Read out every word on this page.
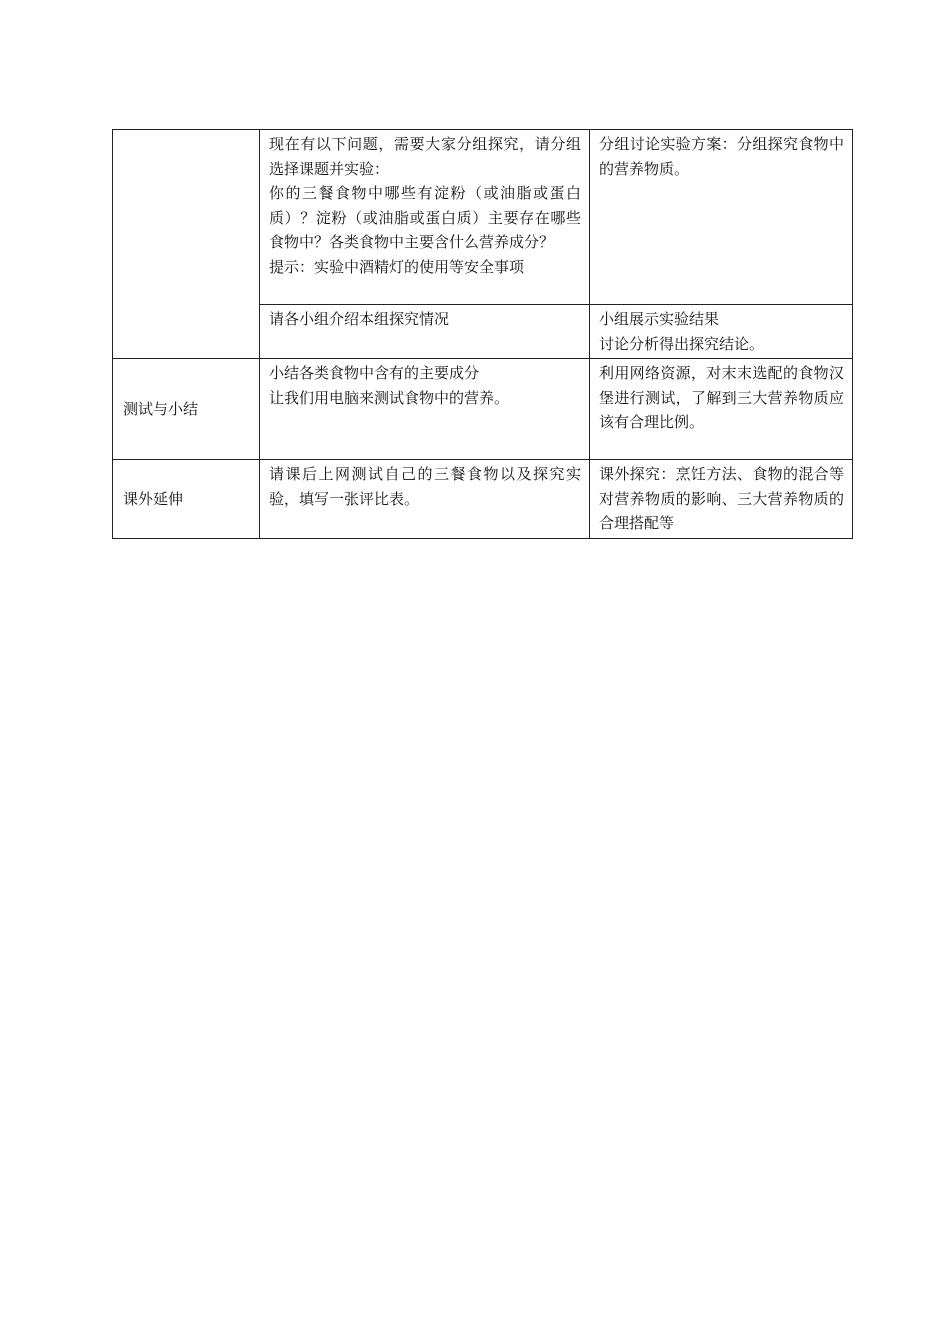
	现在有以下问题，需要大家分组探究，请分组选择课题并实验：
你的三餐食物中哪些有淀粉（或油脂或蛋白质）？淀粉（或油脂或蛋白质）主要存在哪些食物中？各类食物中主要含什么营养成分？
提示：实验中酒精灯的使用等安全事项	分组讨论实验方案：分组探究食物中的营养物质。

	请各小组介绍本组探究情况	小组展示实验结果
讨论分析得出探究结论。

测试与小结	小结各类食物中含有的主要成分
让我们用电脑来测试食物中的营养。	利用网络资源，对末末选配的食物汉堡进行测试，了解到三大营养物质应该有合理比例。
课外延伸	请课后上网测试自己的三餐食物以及探究实验，填写一张评比表。	课外探究：烹饪方法、食物的混合等对营养物质的影响、三大营养物质的合理搭配等
